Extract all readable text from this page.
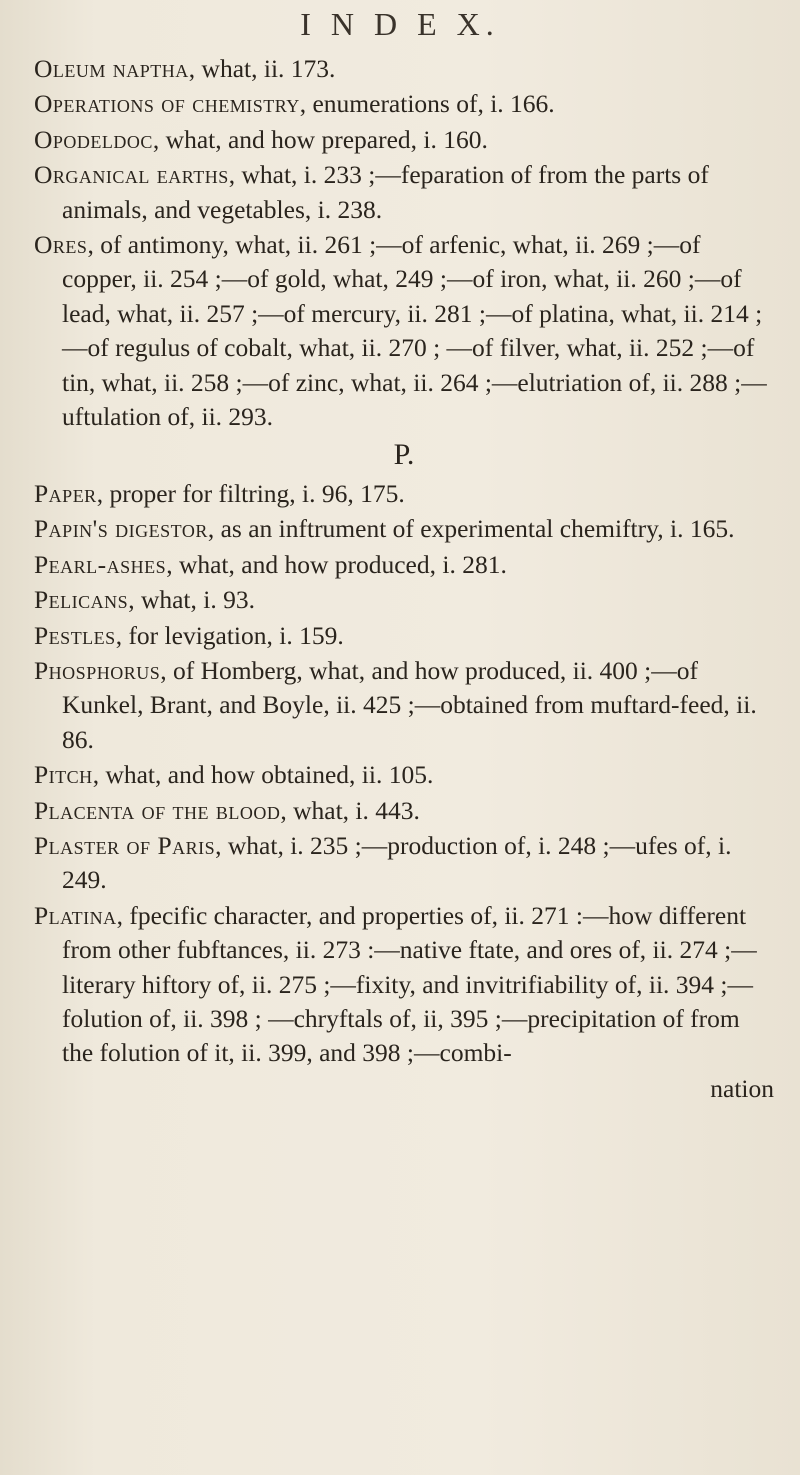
I N D E X.

Oleum naptha, what, ii. 173.

Operations of chemistry, enumerations of, i. 166.

Opodeldoc, what, and how prepared, i. 160.

Organical earths, what, i. 233 ;—feparation of from the parts of animals, and vegetables, i. 238.

Ores, of antimony, what, ii. 261 ;—of arfenic, what, ii. 269 ;—of copper, ii. 254 ;—of gold, what, 249 ;—of iron, what, ii. 260 ;—of lead, what, ii. 257 ;—of mercury, ii. 281 ;—of platina, what, ii. 214 ;—of regulus of cobalt, what, ii. 270 ; —of filver, what, ii. 252 ;—of tin, what, ii. 258 ;—of zinc, what, ii. 264 ;—elutriation of, ii. 288 ;—uftulation of, ii. 293.

P.

Paper, proper for filtring, i. 96, 175.

Papin's digestor, as an inftrument of experimental chemiftry, i. 165.

Pearl-ashes, what, and how produced, i. 281.

Pelicans, what, i. 93.

Pestles, for levigation, i. 159.

Phosphorus, of Homberg, what, and how produced, ii. 400 ;—of Kunkel, Brant, and Boyle, ii. 425 ;—obtained from muftard-feed, ii. 86.

Pitch, what, and how obtained, ii. 105.

Placenta of the blood, what, i. 443.

Plaster of Paris, what, i. 235 ;—production of, i. 248 ;—ufes of, i. 249.

Platina, fpecific character, and properties of, ii. 271 :—how different from other fubftances, ii. 273 :—native ftate, and ores of, ii. 274 ;—literary hiftory of, ii. 275 ;—fixity, and invitrifiability of, ii. 394 ;—folution of, ii. 398 ; —chryftals of, ii, 395 ;—precipitation of from the folution of it, ii. 399, and 398 ;—combi-

nation
